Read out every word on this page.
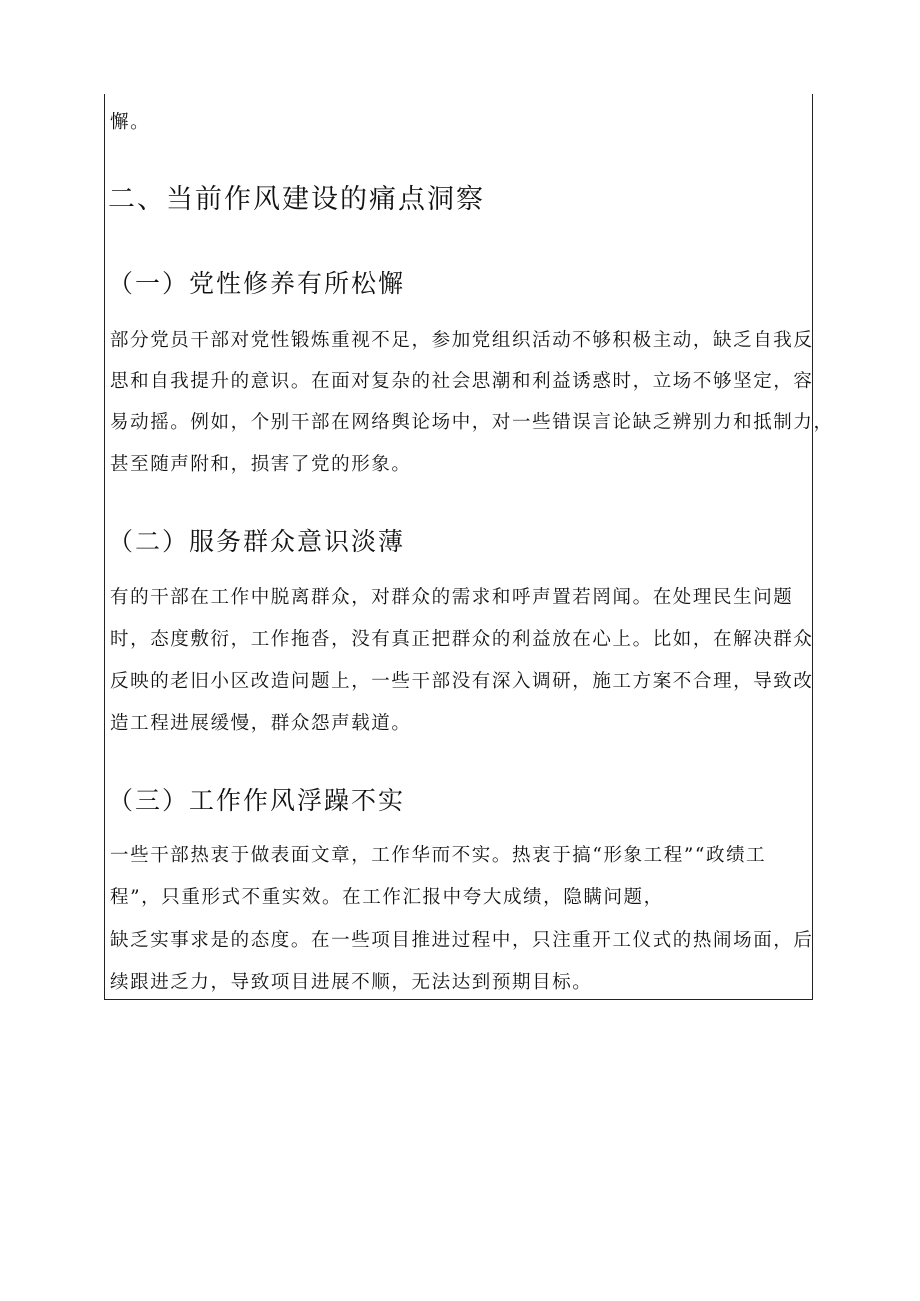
懈。

二、当前作风建设的痛点洞察
（一）党性修养有所松懈

部分党员干部对党性锻炼重视不足，参加党组织活动不够积极主动，缺乏自我反

思和自我提升的意识。在面对复杂的社会思潮和利益诱惑时，立场不够坚定，容

易动摇。例如，个别干部在网络舆论场中，对一些错误言论缺乏辨别力和抵制力，

甚至随声附和，损害了党的形象。

（二）服务群众意识淡薄

有的干部在工作中脱离群众，对群众的需求和呼声置若罔闻。在处理民生问题

时，态度敷衍，工作拖沓，没有真正把群众的利益放在心上。比如，在解决群众

反映的老旧小区改造问题上，一些干部没有深入调研，施工方案不合理，导致改

造工程进展缓慢，群众怨声载道。

（三）工作作风浮躁不实

一些干部热衷于做表面文章，工作华而不实。热衷于搞“形象工程”“政绩工

程”，只重形式不重实效。在工作汇报中夸大成绩，隐瞒问题，

缺乏实事求是的态度。在一些项目推进过程中，只注重开工仪式的热闹场面，后

续跟进乏力，导致项目进展不顺，无法达到预期目标。
